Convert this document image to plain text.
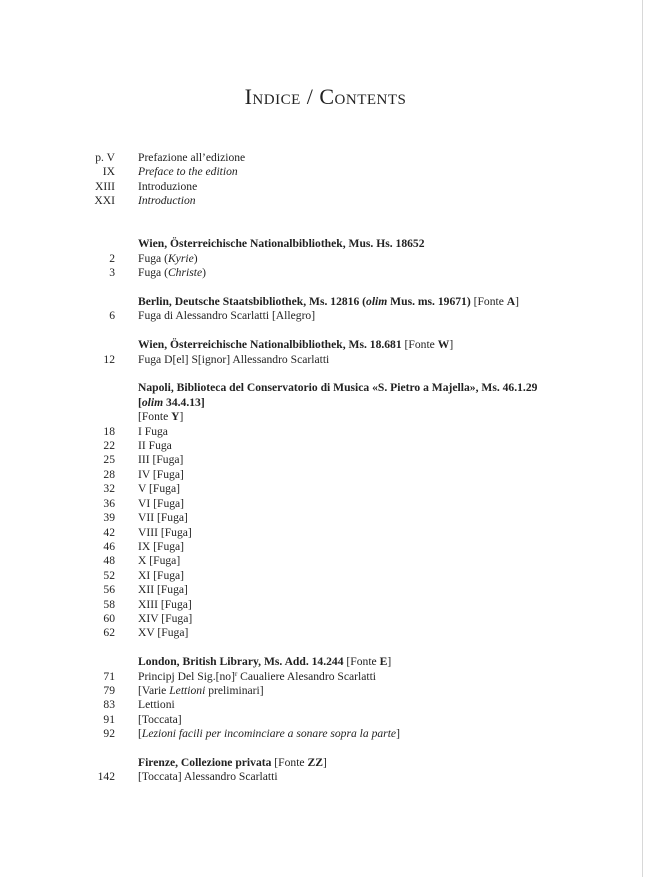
Indice / Contents
p. V Prefazione all’edizione
IX Preface to the edition
XIII Introduzione
XXI Introduction
Wien, Österreichische Nationalbibliothek, Mus. Hs. 18652
2 Fuga (Kyrie)
3 Fuga (Christe)
Berlin, Deutsche Staatsbibliothek, Ms. 12816 (olim Mus. ms. 19671) [Fonte A]
6 Fuga di Alessandro Scarlatti [Allegro]
Wien, Österreichische Nationalbibliothek, Ms. 18.681 [Fonte W]
12 Fuga D[el] S[ignor] Allessandro Scarlatti
Napoli, Biblioteca del Conservatorio di Musica «S. Pietro a Majella», Ms. 46.1.29
[olim 34.4.13]
[Fonte Y]
18 I Fuga
22 II Fuga
25 III [Fuga]
28 IV [Fuga]
32 V [Fuga]
36 VI [Fuga]
39 VII [Fuga]
42 VIII [Fuga]
46 IX [Fuga]
48 X [Fuga]
52 XI [Fuga]
56 XII [Fuga]
58 XIII [Fuga]
60 XIV [Fuga]
62 XV [Fuga]
London, British Library, Ms. Add. 14.244 [Fonte E]
71 Principj Del Sig.[no]$^r$ Caualiere Alesandro Scarlatti
79 [Varie Lettioni preliminari]
83 Lettioni
91 [Toccata]
92 [Lezioni facili per incominciare a sonare sopra la parte]
Firenze, Collezione privata [Fonte ZZ]
142 [Toccata] Alessandro Scarlatti
